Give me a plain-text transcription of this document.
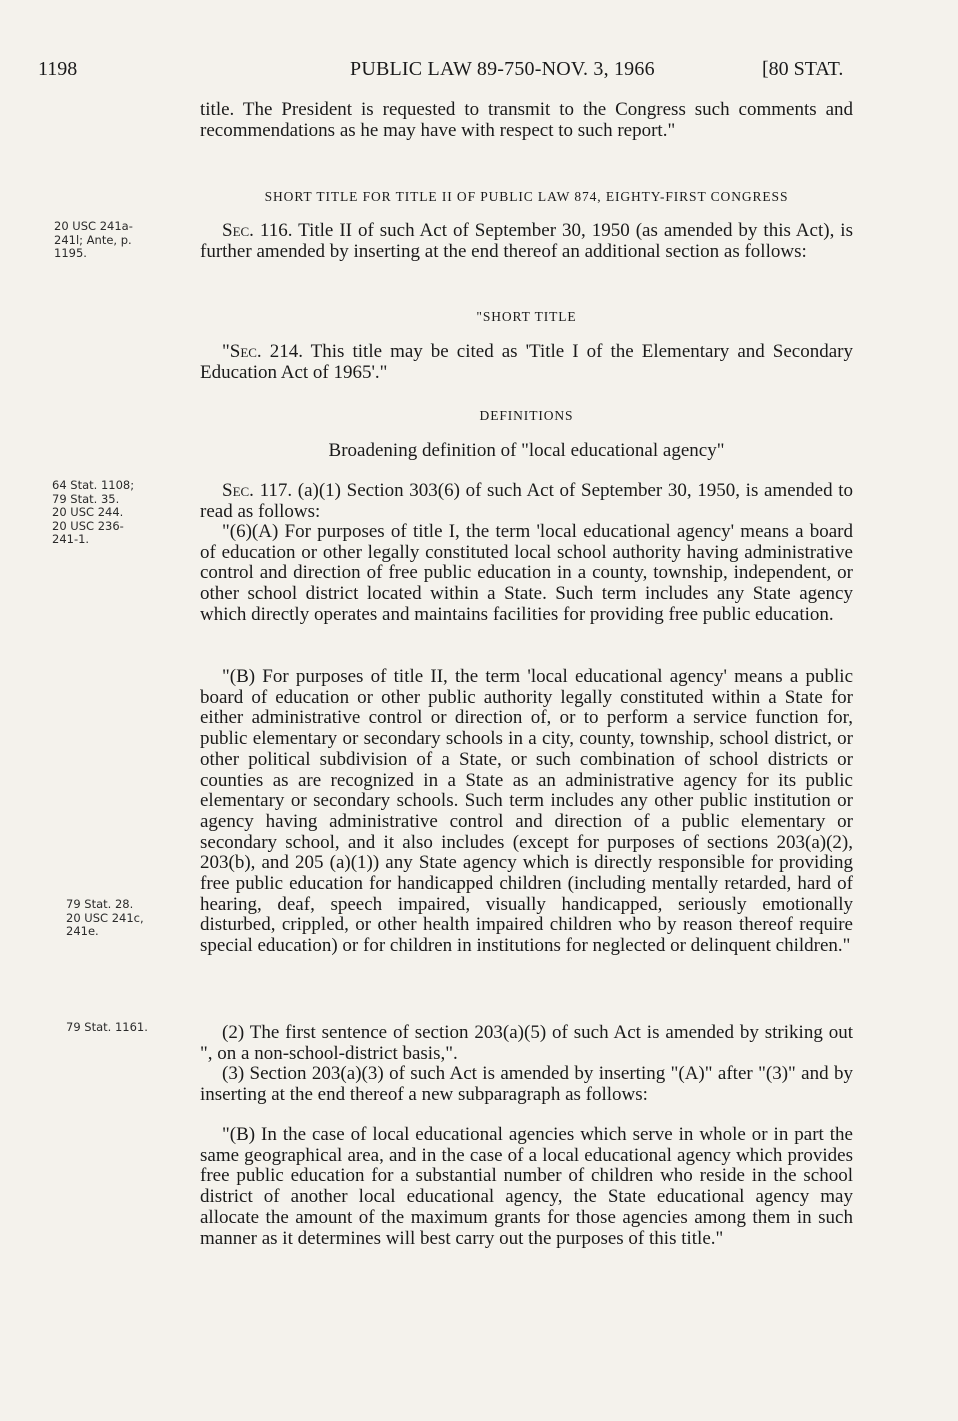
1198	PUBLIC LAW 89-750-NOV. 3, 1966	[80 STAT.
20 USC 241a-
241l; Ante, p.
1195.
64 Stat. 1108;
79 Stat. 35.
20 USC 244.
20 USC 236-
241-1.
79 Stat. 28.
20 USC 241c,
241e.
79 Stat. 1161.

title. The President is requested to transmit to the Congress such comments and recommendations as he may have with respect to such report."

SHORT TITLE FOR TITLE II OF PUBLIC LAW 874, EIGHTY-FIRST CONGRESS

Sec. 116. Title II of such Act of September 30, 1950 (as amended by this Act), is further amended by inserting at the end thereof an additional section as follows:

"SHORT TITLE

"Sec. 214. This title may be cited as 'Title I of the Elementary and Secondary Education Act of 1965'."

DEFINITIONS

Broadening definition of "local educational agency"

Sec. 117. (a)(1) Section 303(6) of such Act of September 30, 1950, is amended to read as follows:

"(6)(A) For purposes of title I, the term 'local educational agency' means a board of education or other legally constituted local school authority having administrative control and direction of free public education in a county, township, independent, or other school district located within a State. Such term includes any State agency which directly operates and maintains facilities for providing free public education.

"(B) For purposes of title II, the term 'local educational agency' means a public board of education or other public authority legally constituted within a State for either administrative control or direction of, or to perform a service function for, public elementary or secondary schools in a city, county, township, school district, or other political subdivision of a State, or such combination of school districts or counties as are recognized in a State as an administrative agency for its public elementary or secondary schools. Such term includes any other public institution or agency having administrative control and direction of a public elementary or secondary school, and it also includes (except for purposes of sections 203(a)(2), 203(b), and 205 (a)(1)) any State agency which is directly responsible for providing free public education for handicapped children (including mentally retarded, hard of hearing, deaf, speech impaired, visually handicapped, seriously emotionally disturbed, crippled, or other health impaired children who by reason thereof require special education) or for children in institutions for neglected or delinquent children."

(2) The first sentence of section 203(a)(5) of such Act is amended by striking out ", on a non-school-district basis,".

(3) Section 203(a)(3) of such Act is amended by inserting "(A)" after "(3)" and by inserting at the end thereof a new subparagraph as follows:

"(B) In the case of local educational agencies which serve in whole or in part the same geographical area, and in the case of a local educational agency which provides free public education for a substantial number of children who reside in the school district of another local educational agency, the State educational agency may allocate the amount of the maximum grants for those agencies among them in such manner as it determines will best carry out the purposes of this title."
